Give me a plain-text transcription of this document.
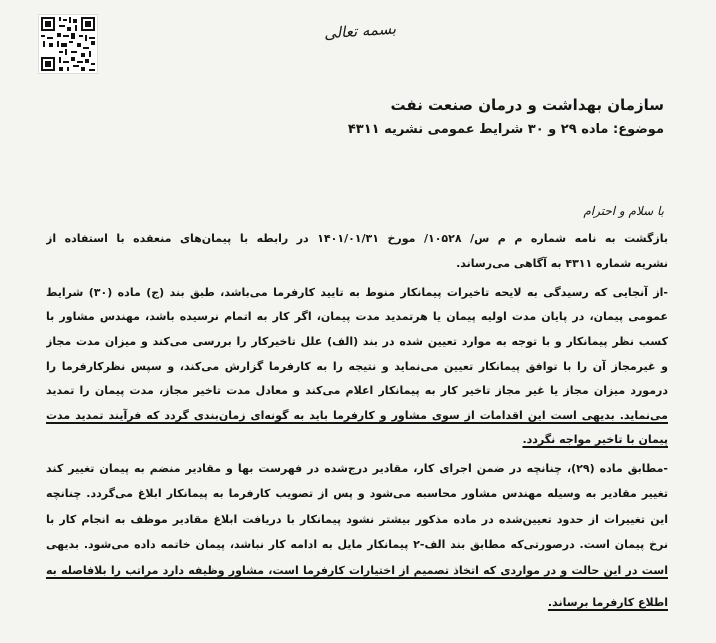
بسمه تعالی
سازمان بهداشت و درمان صنعت نفت
موضوع: ماده ۲۹ و ۳۰ شرایط عمومی نشریه ۴۳۱۱
با سلام و احترام
بازگشت به نامه شماره م م س/ ۱۰۵۲۸/ مورخ ۱۴۰۱/۰۱/۳۱ در رابطه با پیمان‌های منعقده با استفاده از
نشریه شماره ۴۳۱۱ به آگاهی می‌رساند.
-از آنجایی که رسیدگی به لایحه تاخیرات پیمانکار منوط به تایید کارفرما می‌باشد، طبق بند (ج) ماده (۳۰) شرایط
عمومی پیمان، در پایان مدت اولیه پیمان یا هرتمدید مدت پیمان، اگر کار به اتمام نرسیده باشد، مهندس مشاور با
کسب نظر پیمانکار و با توجه به موارد تعیین شده در بند (الف) علل تاخیرکار را بررسی می‌کند و میزان مدت مجاز
و غیرمجاز آن را با توافق پیمانکار تعیین می‌نماید و نتیجه را به کارفرما گزارش می‌کند، و سپس نظرکارفرما را
درمورد میزان مجاز یا غیر مجاز تاخیر کار به پیمانکار اعلام می‌کند و معادل مدت تاخیر مجاز، مدت پیمان را تمدید
می‌نماید. بدیهی است این اقدامات از سوی مشاور و کارفرما باید به گونه‌ای زمان‌بندی گردد که فرآیند تمدید مدت
پیمان با تاخیر مواجه نگردد.
-مطابق ماده (۲۹)، چنانچه در ضمن اجرای کار، مقادیر درج‌شده در فهرست بها و مقادیر منضم به پیمان تغییر کند
تغییر مقادیر به وسیله مهندس مشاور محاسبه می‌شود و پس از تصویب کارفرما به پیمانکار ابلاغ می‌گردد. چنانچه
این تغییرات از حدود تعیین‌شده در ماده مذکور بیشتر نشود پیمانکار با دریافت ابلاغ مقادیر موظف به انجام کار با
نرخ پیمان است. درصورتی‌که مطابق بند الف-۲ پیمانکار مایل به ادامه کار نباشد، پیمان خاتمه داده می‌شود. بدیهی
است در این حالت و در مواردی که اتخاذ تصمیم از اختیارات کارفرما است، مشاور وظیفه دارد مراتب را بلافاصله به
اطلاع کارفرما برساند.
